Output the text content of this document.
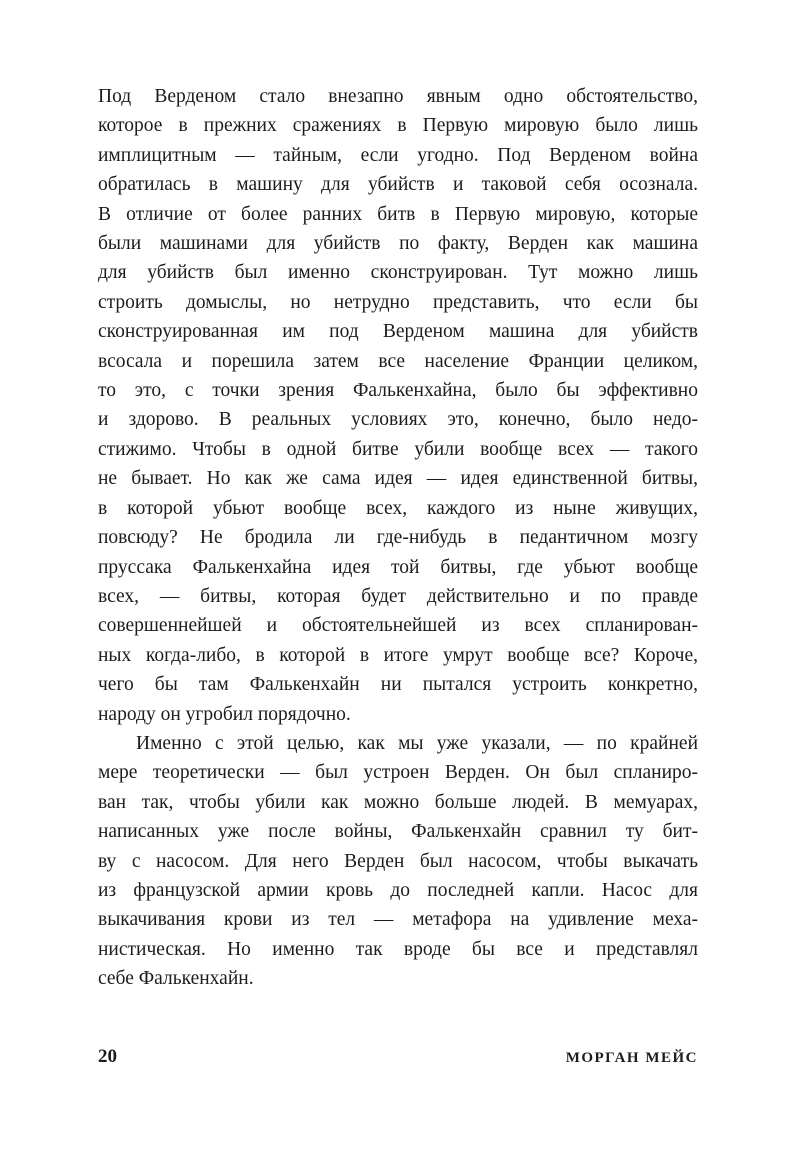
Под Верденом стало внезапно явным одно обстоятельство,
которое в прежних сражениях в Первую мировую было лишь
имплицитным — тайным, если угодно. Под Верденом война
обратилась в машину для убийств и таковой себя осознала.
В отличие от более ранних битв в Первую мировую, которые
были машинами для убийств по факту, Верден как машина
для убийств был именно сконструирован. Тут можно лишь
строить домыслы, но нетрудно представить, что если бы
сконструированная им под Верденом машина для убийств
всосала и порешила затем все население Франции целиком,
то это, с точки зрения Фалькенхайна, было бы эффективно
и здорово. В реальных условиях это, конечно, было недо-
стижимо. Чтобы в одной битве убили вообще всех — такого
не бывает. Но как же сама идея — идея единственной битвы,
в которой убьют вообще всех, каждого из ныне живущих,
повсюду? Не бродила ли где-нибудь в педантичном мозгу
пруссака Фалькенхайна идея той битвы, где убьют вообще
всех, — битвы, которая будет действительно и по правде
совершеннейшей и обстоятельнейшей из всех спланирован-
ных когда-либо, в которой в итоге умрут вообще все? Короче,
чего бы там Фалькенхайн ни пытался устроить конкретно,
народу он угробил порядочно.
Именно с этой целью, как мы уже указали, — по крайней
мере теоретически — был устроен Верден. Он был спланиро-
ван так, чтобы убили как можно больше людей. В мемуарах,
написанных уже после войны, Фалькенхайн сравнил ту бит-
ву с насосом. Для него Верден был насосом, чтобы выкачать
из французской армии кровь до последней капли. Насос для
выкачивания крови из тел — метафора на удивление меха-
нистическая. Но именно так вроде бы все и представлял
себе Фалькенхайн.
20	МОРГАН МЕЙС
